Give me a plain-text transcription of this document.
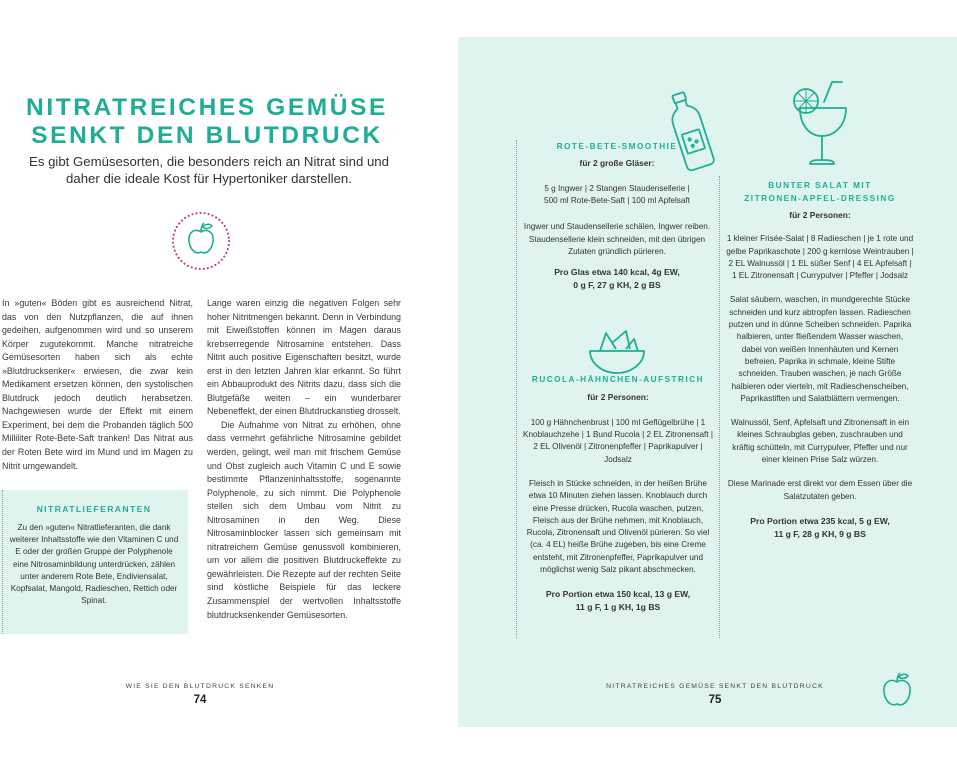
NITRATREICHES GEMÜSE
SENKT DEN BLUTDRUCK
Es gibt Gemüsesorten, die besonders reich an Nitrat sind und daher die ideale Kost für Hypertoniker darstellen.

In »guten« Böden gibt es ausreichend Nitrat, das von den Nutzpflanzen, die auf ihnen gedeihen, aufgenommen wird und so unserem Körper zugutekommt. Manche nitratreiche Gemüsesorten haben sich als echte »Blutdrucksenker« erwiesen, die zwar kein Medikament ersetzen können, den systolischen Blutdruck jedoch deutlich herabsetzen. Nachgewiesen wurde der Effekt mit einem Experiment, bei dem die Probanden täglich 500 Milliliter Rote-Bete-Saft tranken! Das Nitrat aus der Roten Bete wird im Mund und im Magen zu Nitrit umgewandelt.

Lange waren einzig die negativen Folgen sehr hoher Nitritmengen bekannt. Denn in Verbindung mit Eiweißstoffen können im Magen daraus krebserregende Nitrosamine entstehen. Dass Nitrit auch positive Eigenschaften besitzt, wurde erst in den letzten Jahren klar erkannt. So führt ein Abbauprodukt des Nitrits dazu, dass sich die Blutgefäße weiten – ein wunderbarer Nebeneffekt, der einen Blutdruckanstieg drosselt.

Die Aufnahme von Nitrat zu erhöhen, ohne dass vermehrt gefährliche Nitrosamine gebildet werden, gelingt, weil man mit frischem Gemüse und Obst zugleich auch Vitamin C und E sowie bestimmte Pflanzeninhaltsstoffe, sogenannte Polyphenole, zu sich nimmt. Die Polyphenole stellen sich dem Umbau vom Nitrit zu Nitrosaminen in den Weg. Diese Nitrosaminblocker lassen sich gemeinsam mit nitratreichem Gemüse genussvoll kombinieren, um vor allem die positiven Blutdruckeffekte zu gewährleisten. Die Rezepte auf der rechten Seite sind köstliche Beispiele für das leckere Zusammenspiel der wertvollen Inhaltsstoffe blutdrucksenkender Gemüsesorten.

NITRATLIEFERANTEN
Zu den »guten« Nitratlieferanten, die dank weiterer Inhaltsstoffe wie den Vitaminen C und E oder der großen Gruppe der Polyphenole eine Nitrosaminbildung unterdrücken, zählen unter anderem Rote Bete, Endiviensalat, Kopfsalat, Mangold, Radieschen, Rettich oder Spinat.
WIE SIE DEN BLUTDRUCK SENKEN
74

ROTE-BETE-SMOOTHIE

für 2 große Gläser:

5 g Ingwer | 2 Stangen Staudensellerie |

500 ml Rote-Bete-Saft | 100 ml Apfelsaft

Ingwer und Staudensellerie schälen, Ingwer reiben. Staudensellerie klein schneiden, mit den übrigen Zutaten gründlich pürieren.

Pro Glas etwa 140 kcal, 4g EW,

0 g F, 27 g KH, 2 g BS

RUCOLA-HÄHNCHEN-AUFSTRICH

für 2 Personen:

100 g Hähnchenbrust | 100 ml Geflügelbrühe | 1 Knoblauchzehe | 1 Bund Rucola | 2 EL Zitronensaft | 2 EL Olivenöl | Zitronenpfeffer | Paprikapulver | Jodsalz

Fleisch in Stücke schneiden, in der heißen Brühe etwa 10 Minuten ziehen lassen. Knoblauch durch eine Presse drücken, Rucola waschen, putzen, Fleisch aus der Brühe nehmen, mit Knoblauch, Rucola, Zitronensaft und Olivenöl pürieren. So viel (ca. 4 EL) heiße Brühe zugeben, bis eine Creme entsteht, mit Zitronenpfeffer, Paprikapulver und möglichst wenig Salz pikant abschmecken.

Pro Portion etwa 150 kcal, 13 g EW,

11 g F, 1 g KH, 1g BS

BUNTER SALAT MIT

ZITRONEN-APFEL-DRESSING

für 2 Personen:

1 kleiner Frisée-Salat | 8 Radieschen | je 1 rote und gelbe Paprikaschote | 200 g kernlose Weintrauben | 2 EL Walnussöl | 1 EL süßer Senf | 4 EL Apfelsaft | 1 EL Zitronensaft | Currypulver | Pfeffer | Jodsalz

Salat säubern, waschen, in mundgerechte Stücke schneiden und kurz abtropfen lassen. Radieschen putzen und in dünne Scheiben schneiden. Paprika halbieren, unter fließendem Wasser waschen, dabei von weißen Innenhäuten und Kernen befreien. Paprika in schmale, kleine Stifte schneiden. Trauben waschen, je nach Größe halbieren oder vierteln, mit Radieschenscheiben, Paprikastiften und Salatblättern vermengen.

Walnussöl, Senf, Apfelsaft und Zitronensaft in ein kleines Schraubglas geben, zuschrauben und kräftig schütteln, mit Currypulver, Pfeffer und nur einer kleinen Prise Salz würzen.

Diese Marinade erst direkt vor dem Essen über die Salatzutaten geben.

Pro Portion etwa 235 kcal, 5 g EW,

11 g F, 28 g KH, 9 g BS

NITRATREICHES GEMÜSE SENKT DEN BLUTDRUCK
75
